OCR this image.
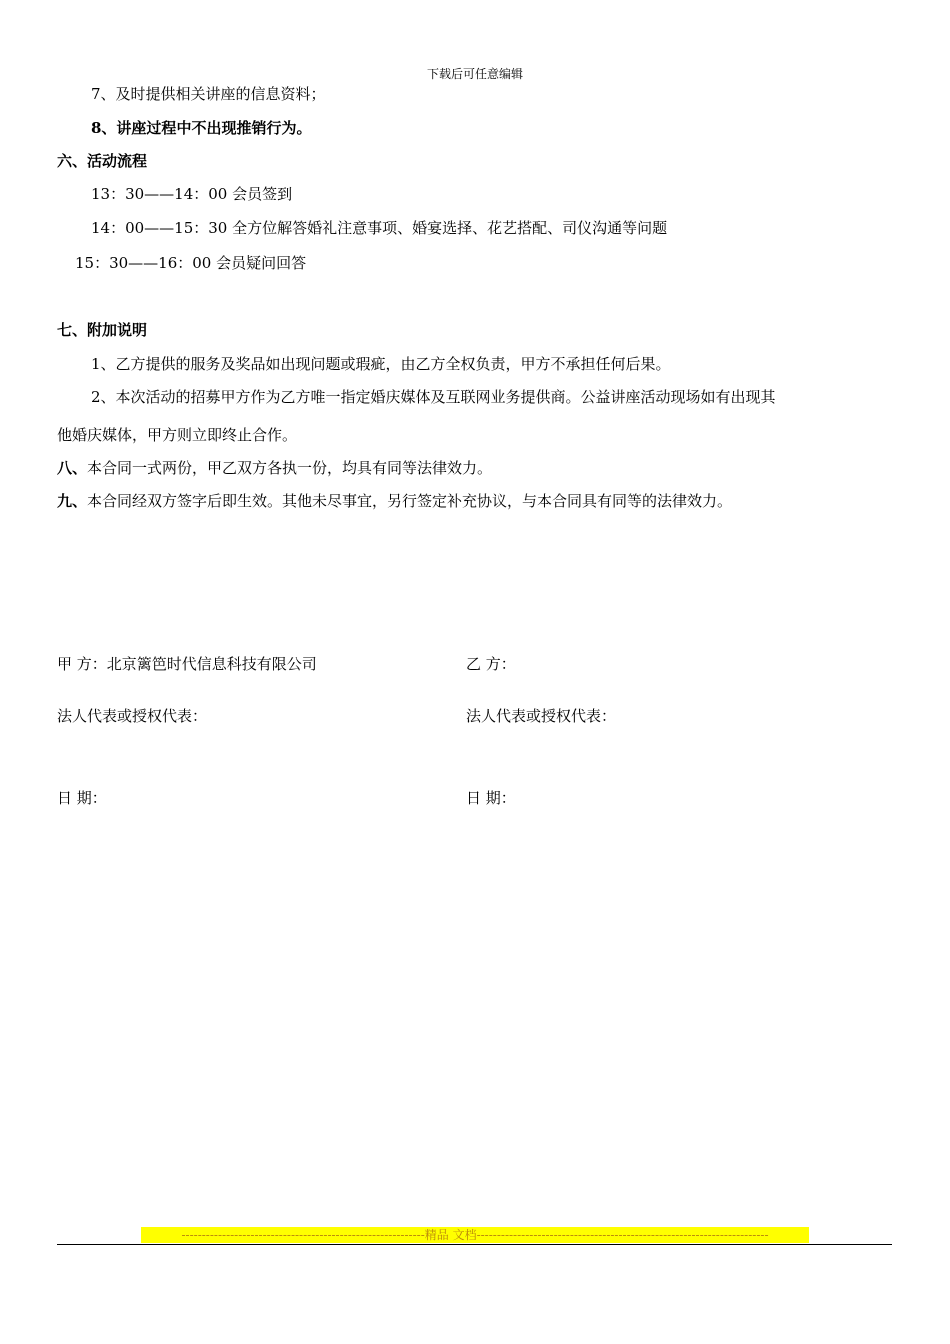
下载后可任意编辑
7、及时提供相关讲座的信息资料；
8、讲座过程中不出现推销行为。
六、活动流程
13：30——14：00 会员签到
14：00——15：30 全方位解答婚礼注意事项、婚宴选择、花艺搭配、司仪沟通等问题
15：30——16：00 会员疑问回答
七、附加说明
1、乙方提供的服务及奖品如出现问题或瑕疵，由乙方全权负责，甲方不承担任何后果。
2、本次活动的招募甲方作为乙方唯一指定婚庆媒体及互联网业务提供商。公益讲座活动现场如有出现其
他婚庆媒体，甲方则立即终止合作。
八、本合同一式两份，甲乙双方各执一份，均具有同等法律效力。
九、本合同经双方签字后即生效。其他未尽事宜，另行签定补充协议，与本合同具有同等的法律效力。
甲 方：北京篱笆时代信息科技有限公司	乙 方：
法人代表或授权代表：	法人代表或授权代表：
日 期：	日 期：
------------------------------------------------------------精品 文档------------------------------------------------------------------------
